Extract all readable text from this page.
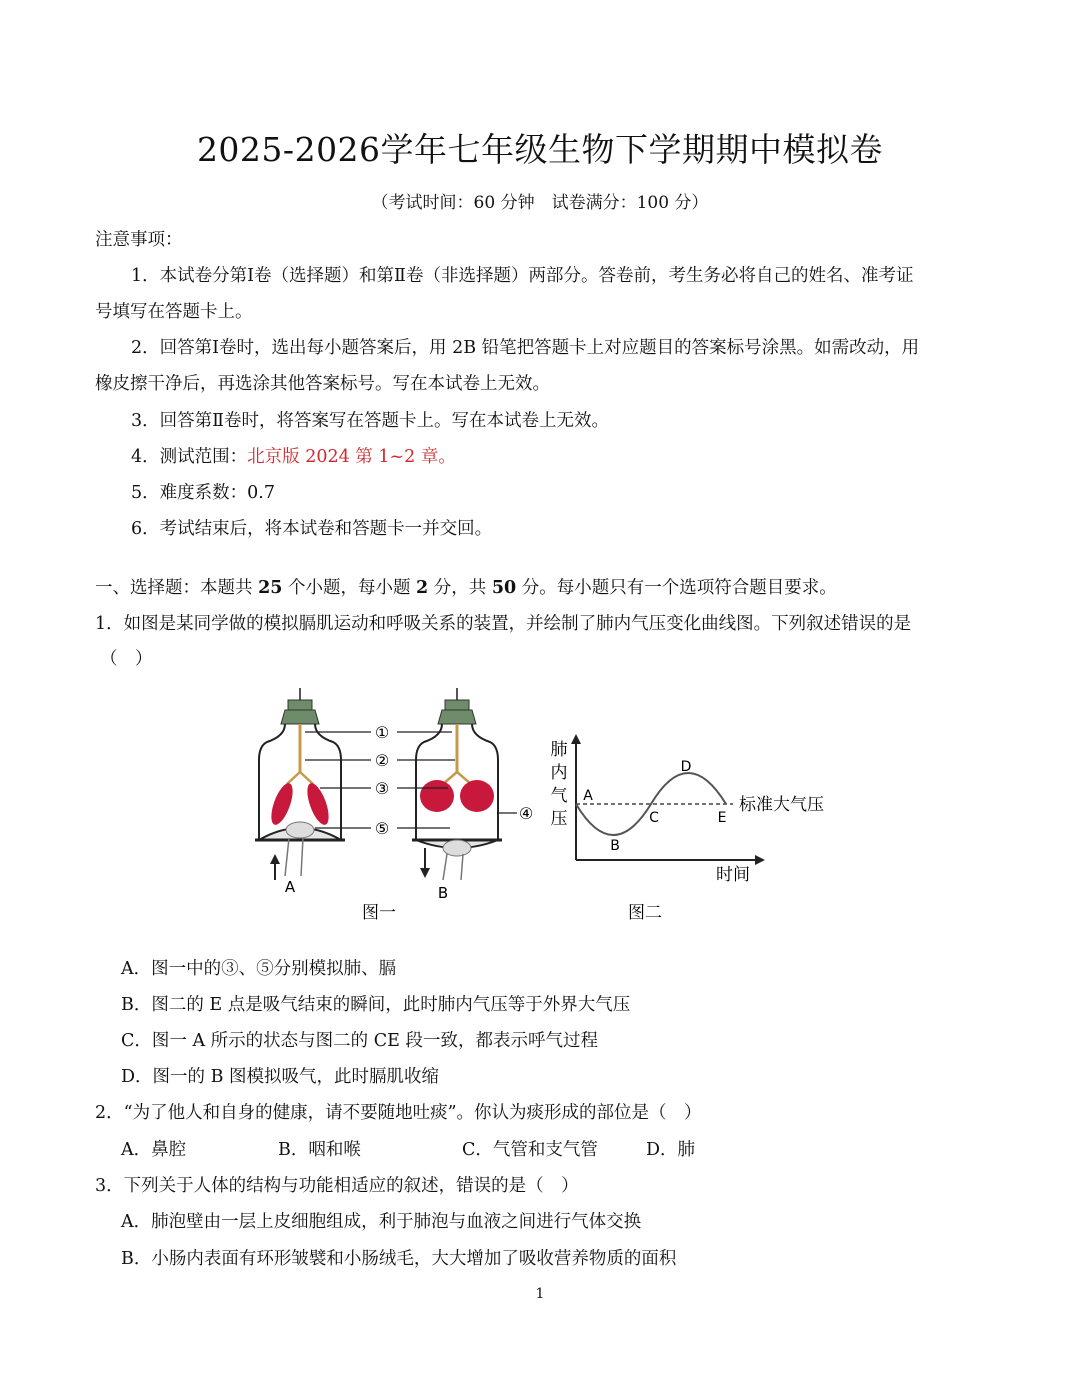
2025-2026学年七年级生物下学期期中模拟卷
（考试时间：60 分钟　试卷满分：100 分）
注意事项：
1．本试卷分第Ⅰ卷（选择题）和第Ⅱ卷（非选择题）两部分。答卷前，考生务必将自己的姓名、准考证
号填写在答题卡上。
2．回答第Ⅰ卷时，选出每小题答案后，用 2B 铅笔把答题卡上对应题目的答案标号涂黑。如需改动，用
橡皮擦干净后，再选涂其他答案标号。写在本试卷上无效。
3．回答第Ⅱ卷时，将答案写在答题卡上。写在本试卷上无效。
4．测试范围：北京版 2024 第 1~2 章。
5．难度系数：0.7
6．考试结束后，将本试卷和答题卡一并交回。
一、选择题：本题共 25 个小题，每小题 2 分，共 50 分。每小题只有一个选项符合题目要求。
1．如图是某同学做的模拟膈肌运动和呼吸关系的装置，并绘制了肺内气压变化曲线图。下列叙述错误的是
（　）
①
②
③
④
⑤
A	B
图一
肺
内
气
压
时间
标准大气压
A
B
C
D
E
图二
A．图一中的③、⑤分别模拟肺、膈
B．图二的 E 点是吸气结束的瞬间，此时肺内气压等于外界大气压
C．图一 A 所示的状态与图二的 CE 段一致，都表示呼气过程
D．图一的 B 图模拟吸气，此时膈肌收缩
2．“为了他人和自身的健康，请不要随地吐痰”。你认为痰形成的部位是（　）
A．鼻腔	B．咽和喉	C．气管和支气管	D．肺
3．下列关于人体的结构与功能相适应的叙述，错误的是（　）
A．肺泡壁由一层上皮细胞组成，利于肺泡与血液之间进行气体交换
B．小肠内表面有环形皱襞和小肠绒毛，大大增加了吸收营养物质的面积
1
